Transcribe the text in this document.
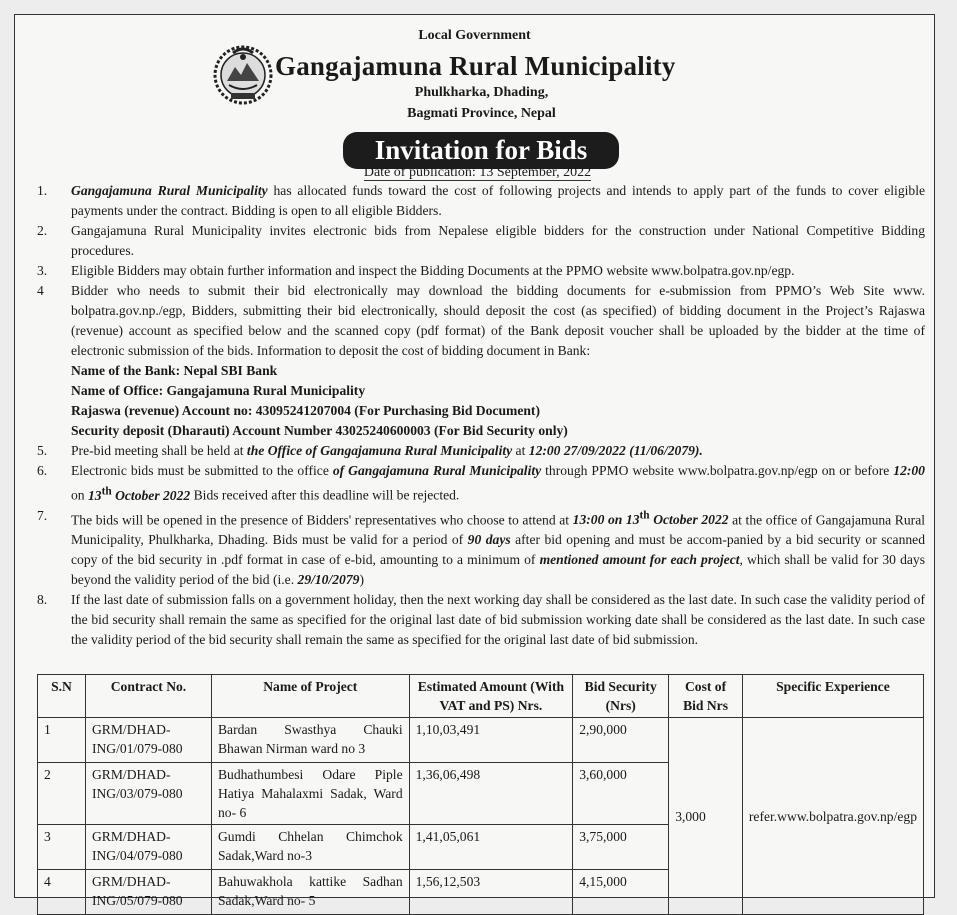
Local Government
Gangajamuna Rural Municipality
Phulkharka, Dhading,
Bagmati Province, Nepal
Invitation for Bids
Date of publication: 13 September, 2022
1. Gangajamuna Rural Municipality has allocated funds toward the cost of following projects and intends to apply part of the funds to cover eligible payments under the contract. Bidding is open to all eligible Bidders.
2. Gangajamuna Rural Municipality invites electronic bids from Nepalese eligible bidders for the construction under National Competitive Bidding procedures.
3. Eligible Bidders may obtain further information and inspect the Bidding Documents at the PPMO website www.bolpatra.gov.np/egp.
4 Bidder who needs to submit their bid electronically may download the bidding documents for e-submission from PPMO’s Web Site www. bolpatra.gov.np./egp, Bidders, submitting their bid electronically, should deposit the cost (as specified) of bidding document in the Project’s Rajaswa (revenue) account as specified below and the scanned copy (pdf format) of the Bank deposit voucher shall be uploaded by the bidder at the time of electronic submission of the bids. Information to deposit the cost of bidding document in Bank:
Name of the Bank: Nepal SBI Bank
Name of Office: Gangajamuna Rural Municipality
Rajaswa (revenue) Account no: 43095241207004 (For Purchasing Bid Document)
Security deposit (Dharauti) Account Number 43025240600003 (For Bid Security only)
5. Pre-bid meeting shall be held at the Office of Gangajamuna Rural Municipality at 12:00 27/09/2022 (11/06/2079).
6. Electronic bids must be submitted to the office of Gangajamuna Rural Municipality through PPMO website www.bolpatra.gov.np/egp on or before 12:00 on 13th October 2022 Bids received after this deadline will be rejected.
7. The bids will be opened in the presence of Bidders' representatives who choose to attend at 13:00 on 13th October 2022 at the office of Gangajamuna Rural Municipality, Phulkharka, Dhading. Bids must be valid for a period of 90 days after bid opening and must be accom-panied by a bid security or scanned copy of the bid security in .pdf format in case of e-bid, amounting to a minimum of mentioned amount for each project, which shall be valid for 30 days beyond the validity period of the bid (i.e. 29/10/2079)
8. If the last date of submission falls on a government holiday, then the next working day shall be considered as the last date. In such case the validity period of the bid security shall remain the same as specified for the original last date of bid submission working date shall be considered as the last date. In such case the validity period of the bid security shall remain the same as specified for the original last date of bid submission.
S.N	Contract No.	Name of Project	Estimated Amount (With VAT and PS) Nrs.	Bid Security (Nrs)	Cost of Bid Nrs	Specific Experience
1	GRM/DHAD-ING/01/079-080	Bardan Swasthya Chauki Bhawan Nirman ward no 3	1,10,03,491	2,90,000	3,000	refer.www.bolpatra.gov.np/egp
2	GRM/DHAD-ING/03/079-080	Budhathumbesi Odare Piple Hatiya Mahalaxmi Sadak, Ward no- 6	1,36,06,498	3,60,000		
3	GRM/DHAD-ING/04/079-080	Gumdi Chhelan Chimchok Sadak,Ward no-3	1,41,05,061	3,75,000		
4	GRM/DHAD-ING/05/079-080	Bahuwakhola kattike Sadhan Sadak,Ward no- 5	1,56,12,503	4,15,000		
